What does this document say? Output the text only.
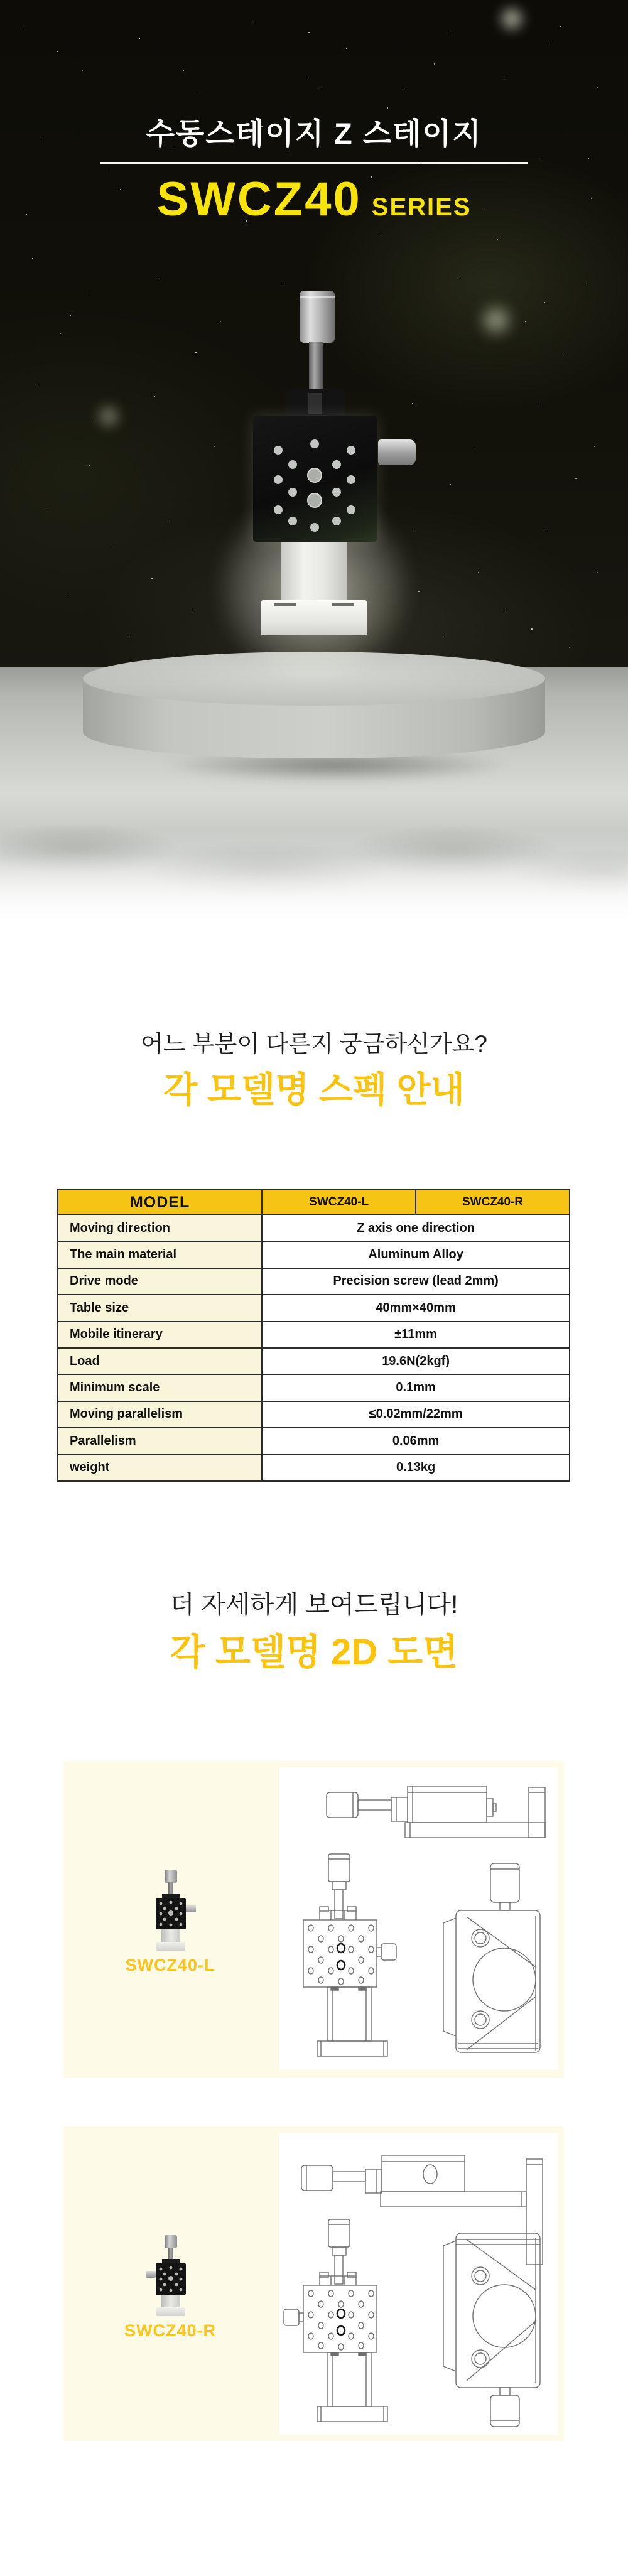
수동스테이지 Z 스테이지
SWCZ40 SERIES
어느 부분이 다른지 궁금하신가요?
각 모델명 스펙 안내
MODEL	SWCZ40-L	SWCZ40-R
Moving direction	Z axis one direction	
The main material	Aluminum Alloy	
Drive mode	Precision screw (lead 2mm)	
Table size	40mm×40mm	
Mobile itinerary	±11mm	
Load	19.6N(2kgf)	
Minimum scale	0.1mm	
Moving parallelism	≤0.02mm/22mm	
Parallelism	0.06mm	
weight	0.13kg	
더 자세하게 보여드립니다!
각 모델명 2D 도면
SWCZ40-L
SWCZ40-R
